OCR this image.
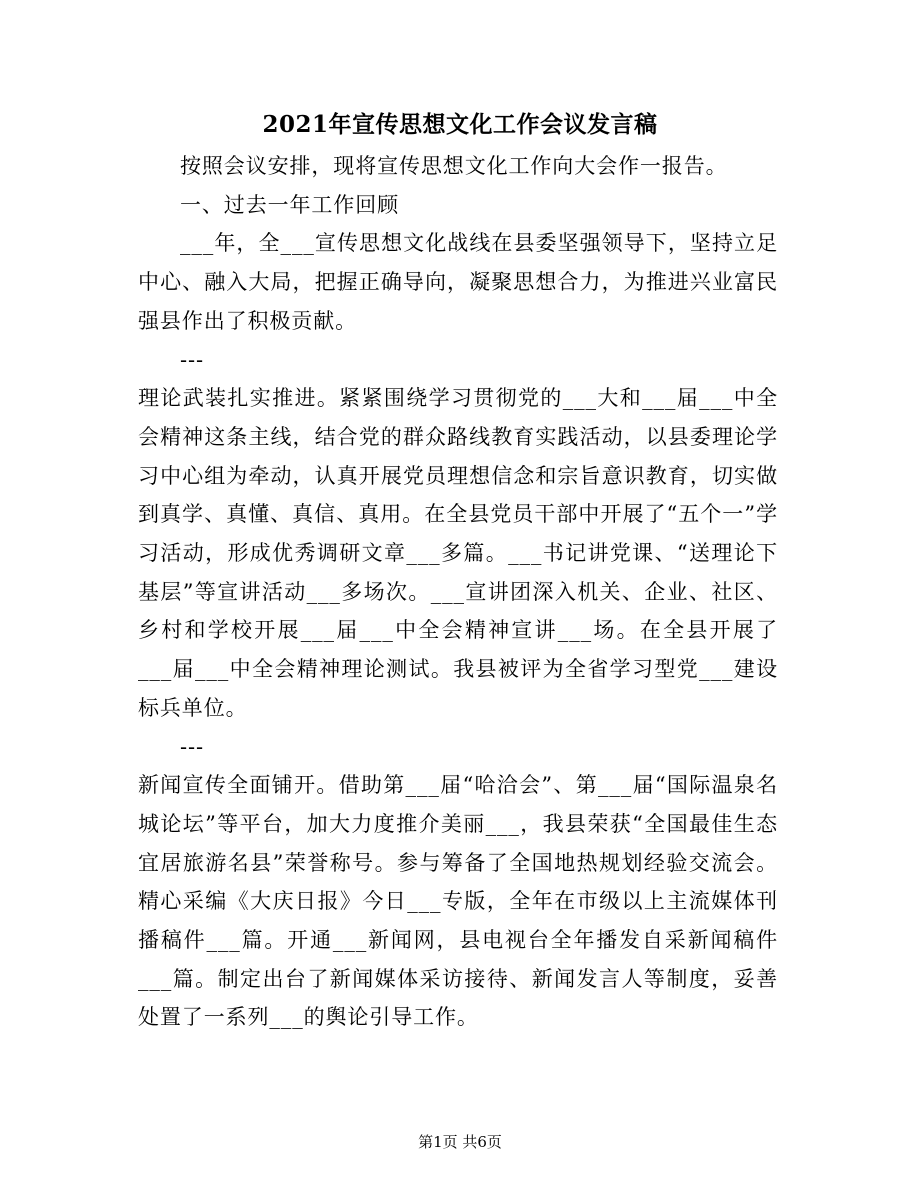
2021年宣传思想文化工作会议发言稿

按照会议安排，现将宣传思想文化工作向大会作一报告。

一、过去一年工作回顾

___年，全___宣传思想文化战线在县委坚强领导下，坚持立足中心、融入大局，把握正确导向，凝聚思想合力，为推进兴业富民强县作出了积极贡献。

---

理论武装扎实推进。紧紧围绕学习贯彻党的___大和___届___中全会精神这条主线，结合党的群众路线教育实践活动，以县委理论学习中心组为牵动，认真开展党员理想信念和宗旨意识教育，切实做到真学、真懂、真信、真用。在全县党员干部中开展了“五个一”学习活动，形成优秀调研文章___多篇。___书记讲党课、“送理论下基层”等宣讲活动___多场次。___宣讲团深入机关、企业、社区、乡村和学校开展___届___中全会精神宣讲___场。在全县开展了___届___中全会精神理论测试。我县被评为全省学习型党___建设标兵单位。

---

新闻宣传全面铺开。借助第___届“哈洽会”、第___届“国际温泉名城论坛”等平台，加大力度推介美丽___，我县荣获“全国最佳生态宜居旅游名县”荣誉称号。参与筹备了全国地热规划经验交流会。精心采编《大庆日报》今日___专版，全年在市级以上主流媒体刊播稿件___篇。开通___新闻网，县电视台全年播发自采新闻稿件___篇。制定出台了新闻媒体采访接待、新闻发言人等制度，妥善处置了一系列___的舆论引导工作。

第1页 共6页
